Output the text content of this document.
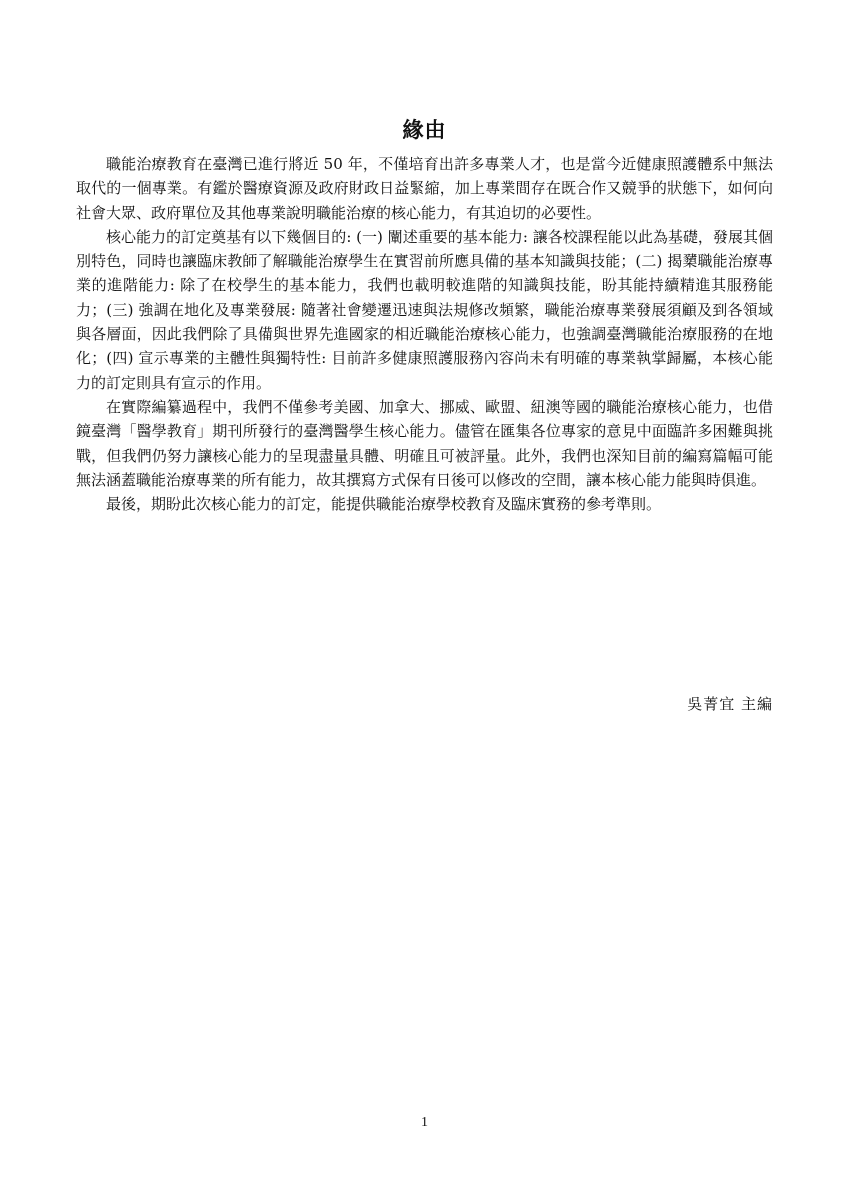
緣由

職能治療教育在臺灣已進行將近 50 年，不僅培育出許多專業人才，也是當今近健康照護體系中無法取代的一個專業。有鑑於醫療資源及政府財政日益緊縮，加上專業間存在既合作又競爭的狀態下，如何向社會大眾、政府單位及其他專業說明職能治療的核心能力，有其迫切的必要性。

核心能力的訂定奠基有以下幾個目的: (一) 闡述重要的基本能力: 讓各校課程能以此為基礎，發展其個別特色，同時也讓臨床教師了解職能治療學生在實習前所應具備的基本知識與技能；(二) 揭櫫職能治療專業的進階能力: 除了在校學生的基本能力，我們也載明較進階的知識與技能，盼其能持續精進其服務能力；(三) 強調在地化及專業發展: 隨著社會變遷迅速與法規修改頻繁，職能治療專業發展須顧及到各領域與各層面，因此我們除了具備與世界先進國家的相近職能治療核心能力，也強調臺灣職能治療服務的在地化；(四) 宣示專業的主體性與獨特性: 目前許多健康照護服務內容尚未有明確的專業執掌歸屬，本核心能力的訂定則具有宣示的作用。

在實際編纂過程中，我們不僅參考美國、加拿大、挪威、歐盟、紐澳等國的職能治療核心能力，也借鏡臺灣「醫學教育」期刊所發行的臺灣醫學生核心能力。儘管在匯集各位專家的意見中面臨許多困難與挑戰，但我們仍努力讓核心能力的呈現盡量具體、明確且可被評量。此外，我們也深知目前的編寫篇幅可能無法涵蓋職能治療專業的所有能力，故其撰寫方式保有日後可以修改的空間，讓本核心能力能與時俱進。

最後，期盼此次核心能力的訂定，能提供職能治療學校教育及臨床實務的參考準則。

吳菁宜 主編

1
